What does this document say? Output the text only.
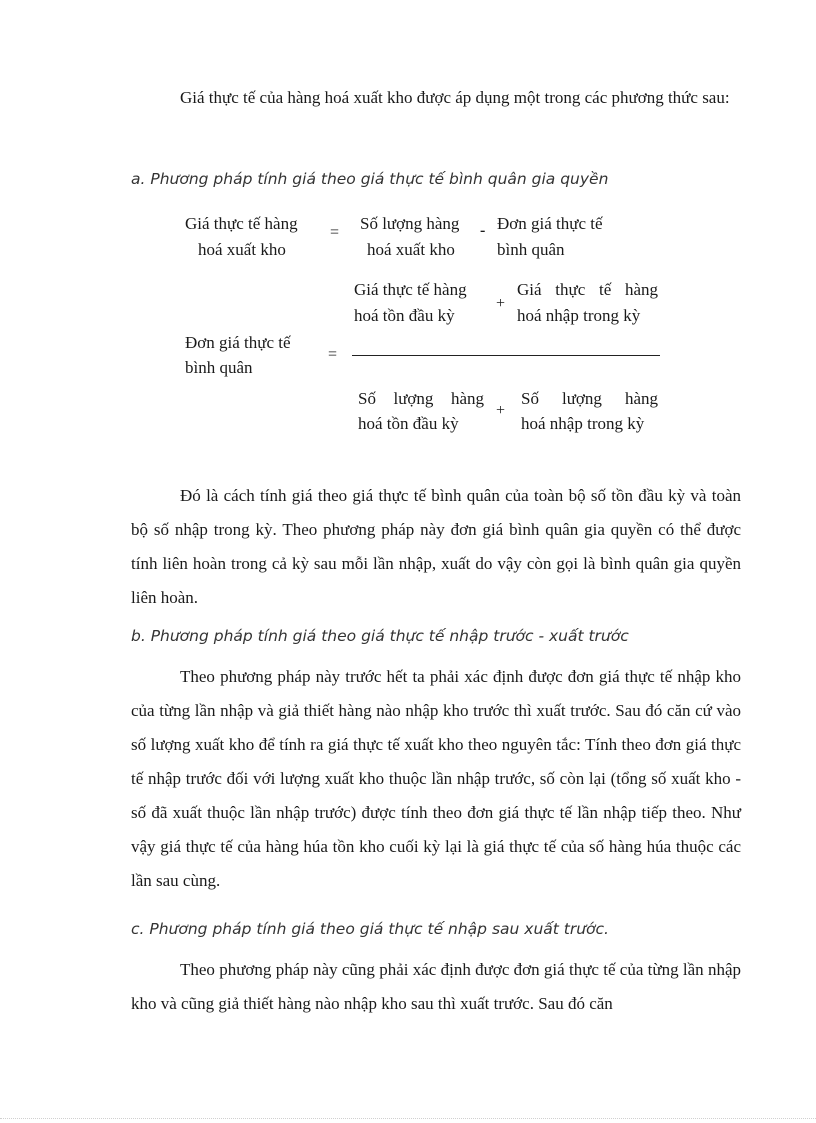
Giá thực tế của hàng hoá xuất kho được áp dụng một trong các phương thức sau:

a. Phương pháp tính giá theo giá thực tế bình quân gia quyền

Giá thực tế hàng
hoá xuất kho
= Số lượng hàng
hoá xuất kho
- Đơn giá thực tế
bình quân
Giá thực tế hàng
hoá tồn đầu kỳ
+
Giá thực tế hàng
hoá nhập trong kỳ
Đơn giá thực tế
bình quân
=
Số lượng hàng
hoá tồn đầu kỳ
+
Số lượng hàng
hoá nhập trong kỳ

Đó là cách tính giá theo giá thực tế bình quân của toàn bộ số tồn đầu kỳ và toàn bộ số nhập trong kỳ. Theo phương pháp này đơn giá bình quân gia quyền có thể được tính liên hoàn trong cả kỳ sau mỗi lần nhập, xuất do vậy còn gọi là bình quân gia quyền liên hoàn.

b. Phương pháp tính giá theo giá thực tế nhập trước - xuất trước

Theo phương pháp này trước hết ta phải xác định được đơn giá thực tế nhập kho của từng lần nhập và giả thiết hàng nào nhập kho trước thì xuất trước. Sau đó căn cứ vào số lượng xuất kho để tính ra giá thực tế xuất kho theo nguyên tắc: Tính theo đơn giá thực tế nhập trước đối với lượng xuất kho thuộc lần nhập trước, số còn lại (tổng số xuất kho - số đã xuất thuộc lần nhập trước) được tính theo đơn giá thực tế lần nhập tiếp theo. Như vậy giá thực tế của hàng húa tồn kho cuối kỳ lại là giá thực tế của số hàng húa thuộc các lần sau cùng.

c. Phương pháp tính giá theo giá thực tế nhập sau xuất trước.

Theo phương pháp này cũng phải xác định được đơn giá thực tế của từng lần nhập kho và cũng giả thiết hàng nào nhập kho sau thì xuất trước. Sau đó căn
